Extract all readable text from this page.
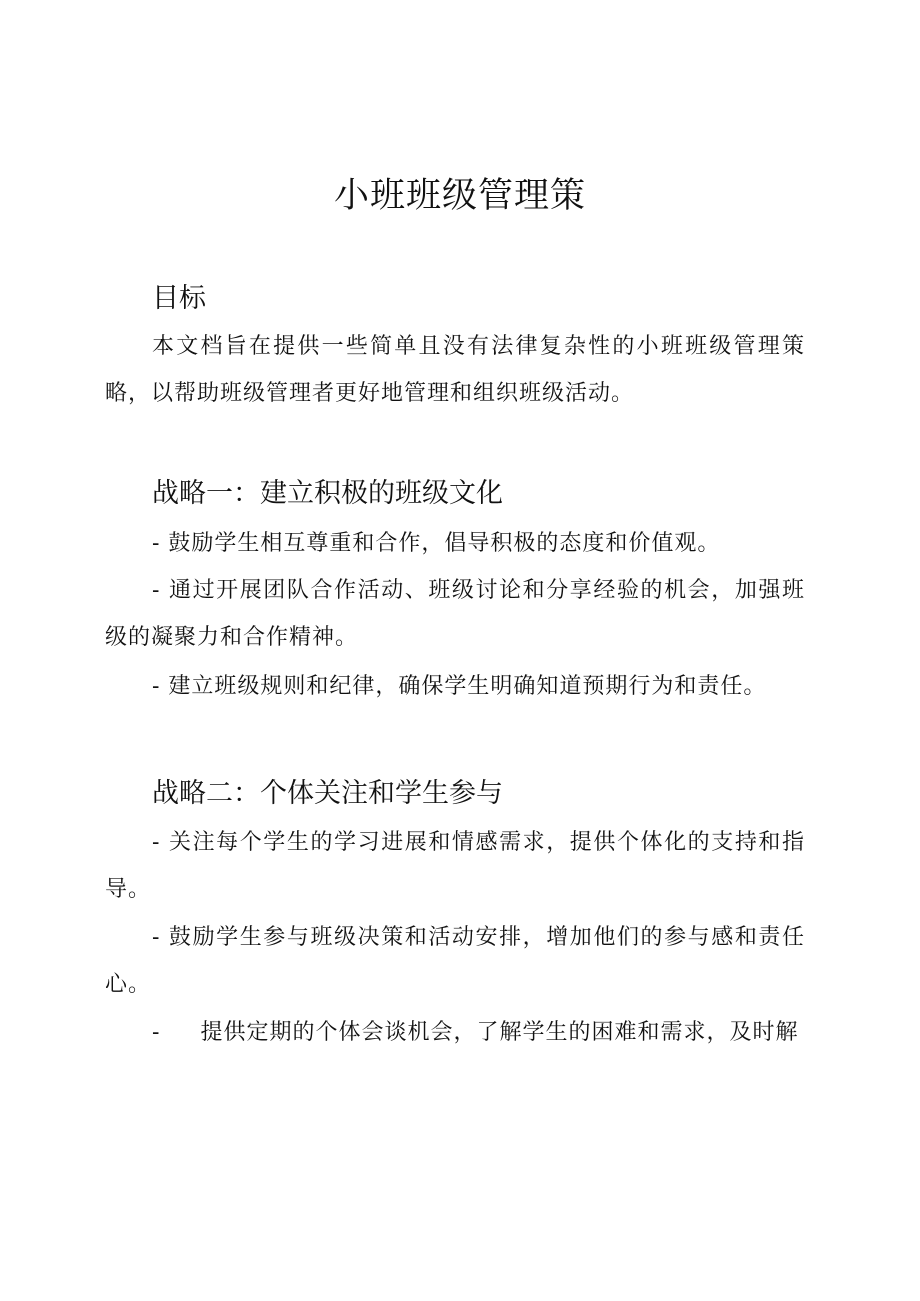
小班班级管理策
目标

本文档旨在提供一些简单且没有法律复杂性的小班班级管理策略，以帮助班级管理者更好地管理和组织班级活动。

战略一：建立积极的班级文化

- 鼓励学生相互尊重和合作，倡导积极的态度和价值观。

- 通过开展团队合作活动、班级讨论和分享经验的机会，加强班级的凝聚力和合作精神。

- 建立班级规则和纪律，确保学生明确知道预期行为和责任。

战略二：个体关注和学生参与

- 关注每个学生的学习进展和情感需求，提供个体化的支持和指导。

- 鼓励学生参与班级决策和活动安排，增加他们的参与感和责任心。

- 提供定期的个体会谈机会，了解学生的困难和需求，及时解
